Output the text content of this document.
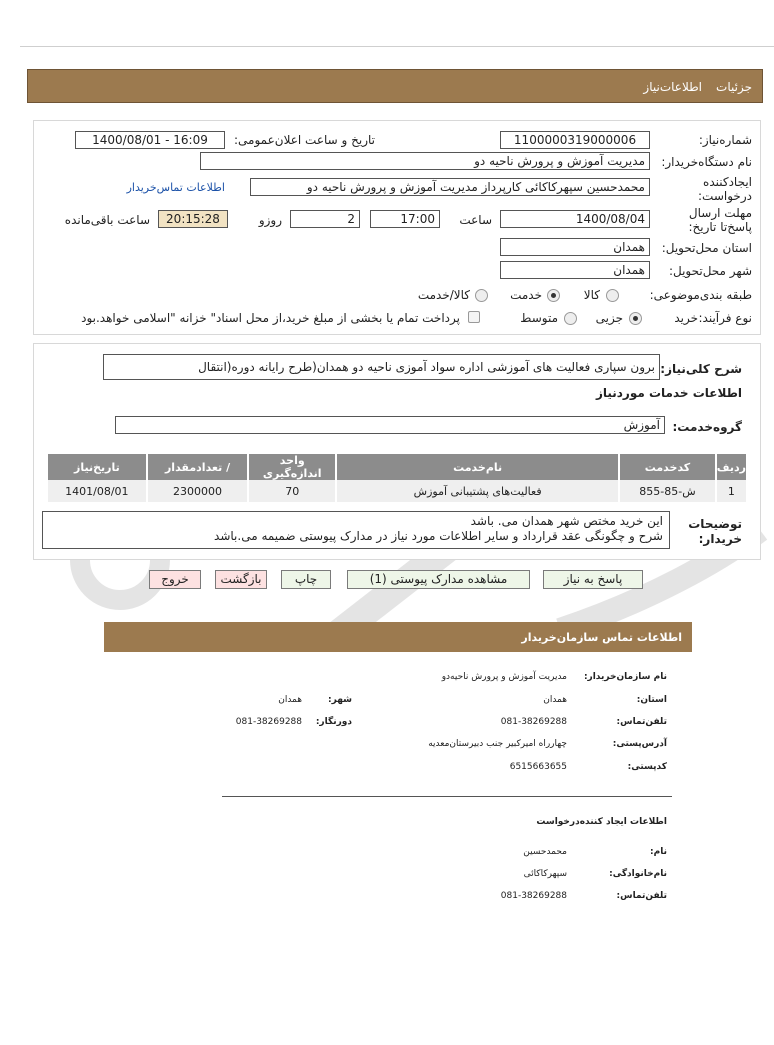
جزئیات
اطلاعات‌نیاز
شماره‌نیاز:
1100000319000006
تاریخ و ساعت اعلان‌عمومی:
1400/08/01 - 16:09
نام دستگاه‌خریدار:
مدیریت آموزش و پرورش ناحیه دو
ایجادکننده درخواست:
محمدحسین سپهرکاکائی کارپرداز مدیریت آموزش و پرورش ناحیه دو
اطلاعات تماس‌خریدار
مهلت ارسال پاسخ‌تا تاریخ:
1400/08/04
ساعت
17:00
2
روزو
20:15:28
ساعت باقی‌مانده
استان محل‌تحویل:
همدان
شهر محل‌تحویل:
همدان
طبقه بندی‌موضوعی:
کالا
خدمت
کالا/خدمت
نوع فرآیند:
خرید
جزیی
متوسط
پرداخت تمام یا بخشی از مبلغ خرید،از محل اسناد" خزانه "اسلامی خواهد.بود
شرح کلی‌نیاز:
برون سپاری فعالیت های آموزشی اداره سواد آموزی ناحیه دو همدان(طرح رایانه دوره(انتقال
اطلاعات خدمات موردنیاز
گروه‌خدمت:
آموزش
توضیحات خریدار:
این خرید مختص شهر همدان می. باشد
شرح و چگونگی عقد قرارداد و سایر اطلاعات مورد نیاز در مدارک پیوستی ضمیمه می.باشد
ردیف	کدخدمت	نام‌خدمت	واحد اندازه‌گیری	/ تعدادمقدار	تاریخ‌نیاز
1	ش-85-855	فعالیت‌های پشتیبانی آموزش	70	2300000	1401/08/01
پاسخ به نیاز
مشاهده مدارک پیوستی (1)
چاپ
بازگشت
خروج
اطلاعات تماس سازمان‌خریدار
نام سازمان‌خریدار:
مدیریت آموزش و پرورش ناحیه‌دو
استان:
همدان
شهر:
همدان
تلفن‌تماس:
081-38269288
دورنگار:
081-38269288
آدرس‌پستی:
چهارراه امیرکبیر جنب دبیرستان‌معدیه
کدپستی:
6515663655
اطلاعات ایجاد کننده‌درخواست
نام:
محمدحسین
نام‌خانوادگی:
سپهرکاکائی
تلفن‌تماس:
081-38269288
